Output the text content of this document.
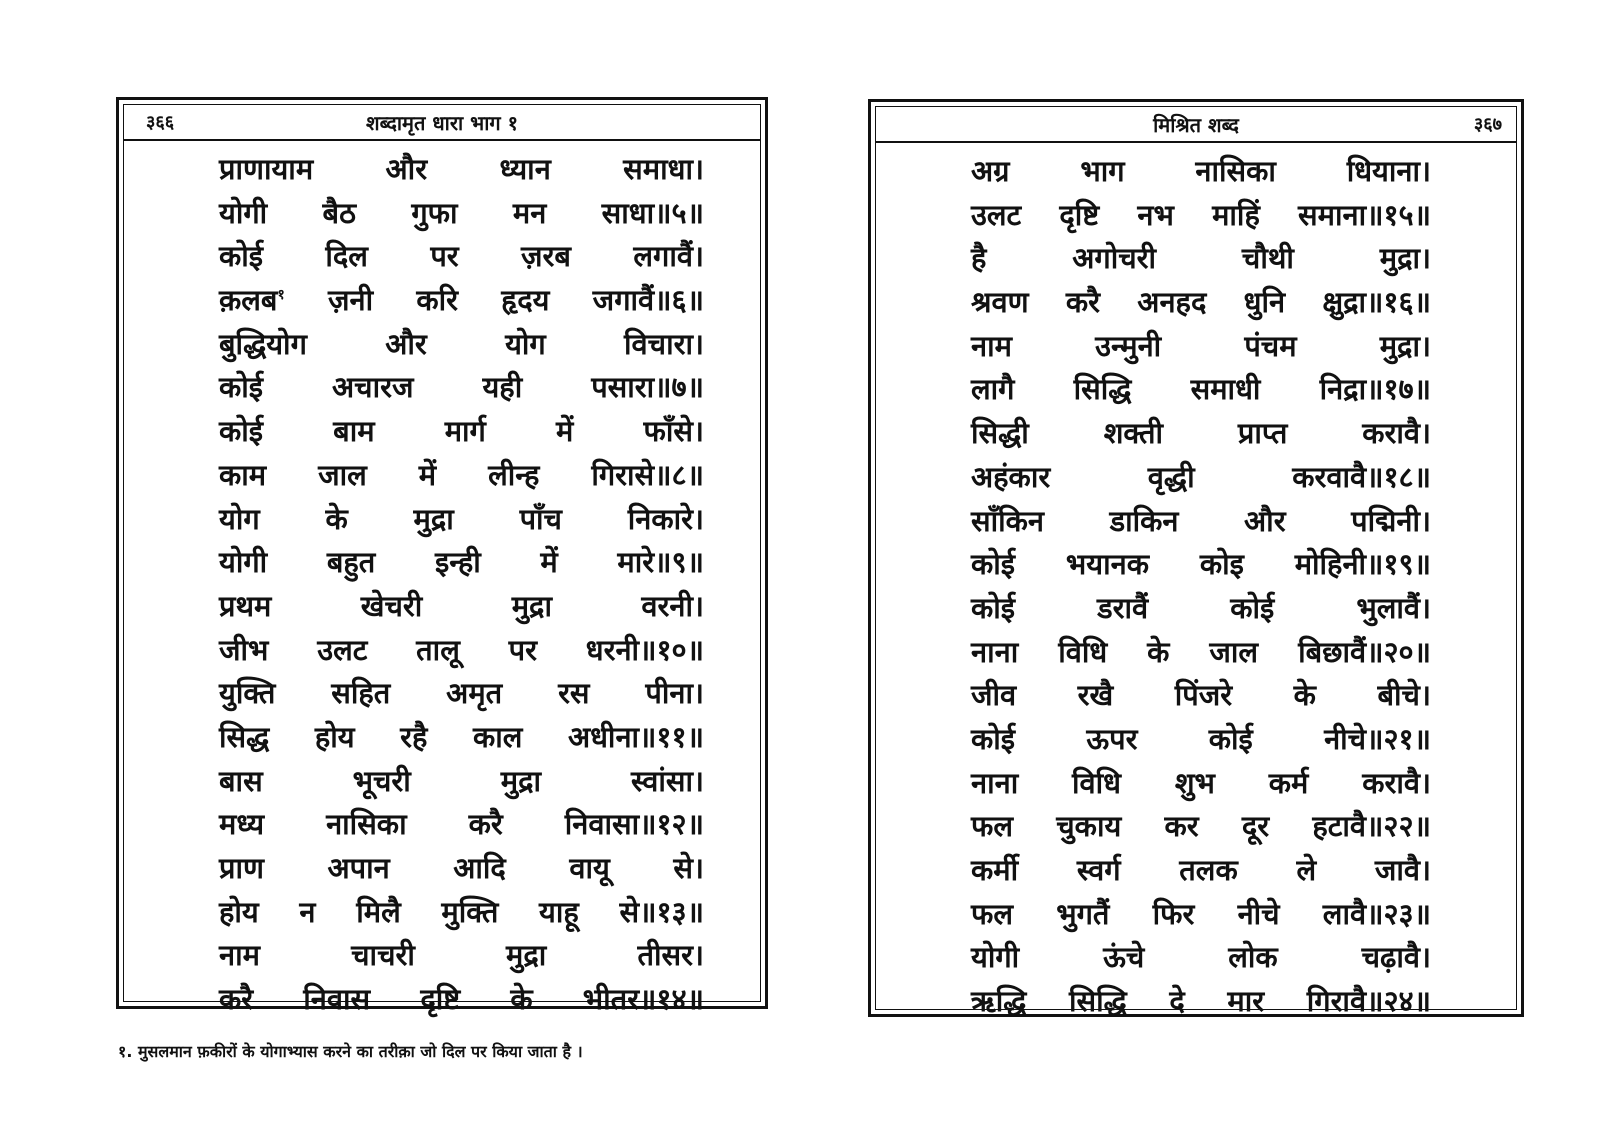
३६६	शब्दामृत धारा भाग १
प्राणायाम और ध्यान समाधा।
योगी बैठ गुफा मन साधा॥५॥
कोई दिल पर ज़रब लगावैं।
क़लब१ ज़नी करि हृदय जगावैं॥६॥
बुद्धियोग	और	योग	विचारा।
कोई अचारज यही पसारा॥७॥
कोई बाम मार्ग में फाँसे।
काम जाल में लीन्ह गिरासे॥८॥
योग के मुद्रा पाँच निकारे।
योगी बहुत इन्ही में मारे॥९॥
प्रथम	खेचरी	मुद्रा	वरनी।
जीभ उलट तालू पर धरनी॥१०॥
युक्ति सहित अमृत रस पीना।
सिद्ध होय रहै काल अधीना॥११॥
बास	भूचरी	मुद्रा	स्वांसा।
मध्य नासिका करै निवासा॥१२॥
प्राण अपान आदि वायू से।
होय न मिलै मुक्ति याहू से॥१३॥
नाम	चाचरी	मुद्रा	तीसर।
करै निवास दृष्टि के भीतर॥१४॥
मिश्रित शब्द	३६७
अग्र भाग नासिका धियाना।
उलट दृष्टि नभ माहिं समाना॥१५॥
है	अगोचरी	चौथी	मुद्रा।
श्रवण करै अनहद धुनि क्षुद्रा॥१६॥
नाम	उन्मुनी	पंचम	मुद्रा।
लागै सिद्धि समाधी निद्रा॥१७॥
सिद्धी	शक्ती	प्राप्त	करावै।
अहंकार	वृद्धी	करवावै॥१८॥
साँकिन डाकिन और पद्मिनी।
कोई भयानक कोइ मोहिनी॥१९॥
कोई	डरावैं	कोई	भुलावैं।
नाना विधि के जाल बिछावैं॥२०॥
जीव रखै पिंजरे के बीचे।
कोई ऊपर कोई नीचे॥२१॥
नाना विधि शुभ कर्म करावै।
फल चुकाय कर दूर हटावै॥२२॥
कर्मी स्वर्ग तलक ले जावै।
फल भुगतैं फिर नीचे लावै॥२३॥
योगी	ऊंचे	लोक	चढ़ावै।
ऋद्धि सिद्धि दे मार गिरावै॥२४॥
१. मुसलमान फ़कीरों के योगाभ्यास करने का तरीक़ा जो दिल पर किया जाता है ।
